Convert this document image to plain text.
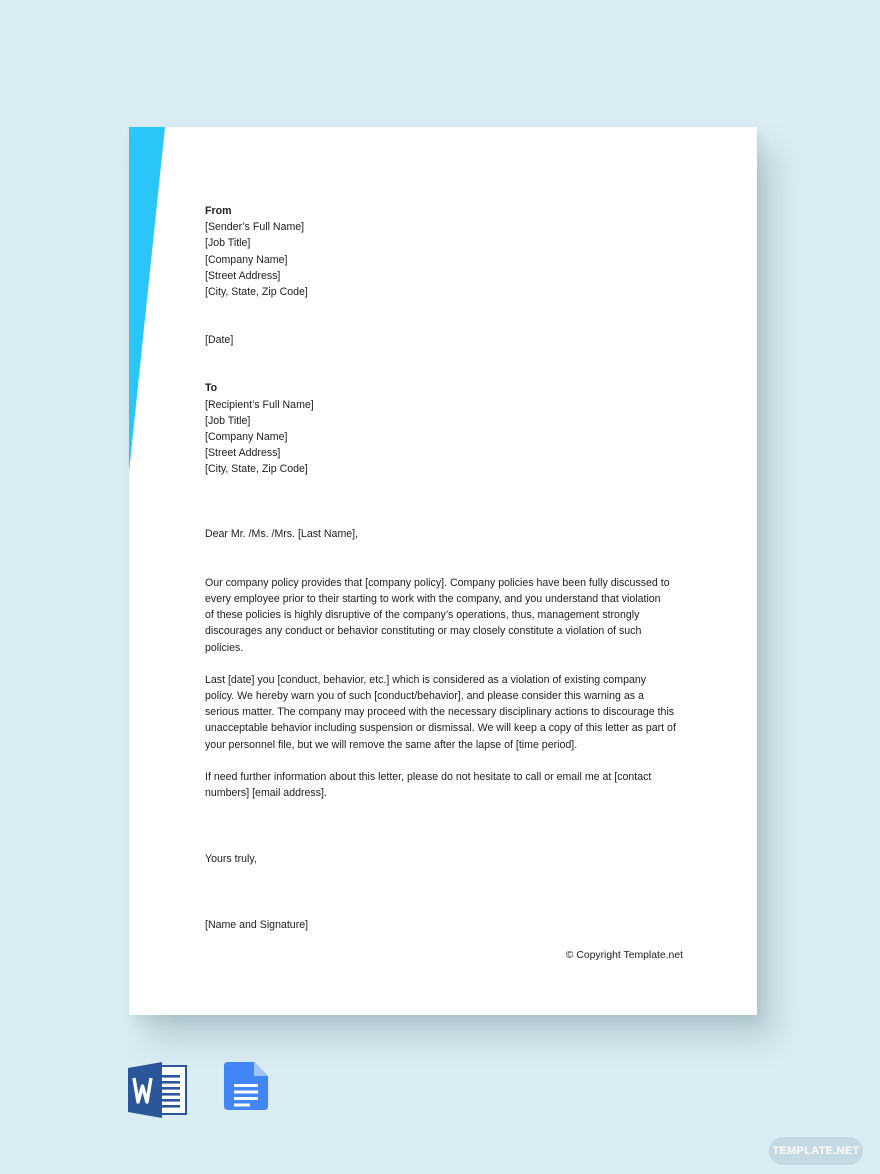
From
[Sender’s Full Name]
[Job Title]
[Company Name]
[Street Address]
[City, State, Zip Code]
[Date]
To
[Recipient’s Full Name]
[Job Title]
[Company Name]
[Street Address]
[City, State, Zip Code]
Dear Mr. /Ms. /Mrs. [Last Name],

Our company policy provides that [company policy]. Company policies have been fully discussed to
every employee prior to their starting to work with the company, and you understand that violation
of these policies is highly disruptive of the company’s operations, thus, management strongly
discourages any conduct or behavior constituting or may closely constitute a violation of such
policies.

Last [date] you [conduct, behavior, etc.] which is considered as a violation of existing company
policy. We hereby warn you of such [conduct/behavior], and please consider this warning as a
serious matter. The company may proceed with the necessary disciplinary actions to discourage this
unacceptable behavior including suspension or dismissal. We will keep a copy of this letter as part of
your personnel file, but we will remove the same after the lapse of [time period].

If need further information about this letter, please do not hesitate to call or email me at [contact
numbers] [email address].

Yours truly,
[Name and Signature]
© Copyright Template.net
TEMPLATE.NET
